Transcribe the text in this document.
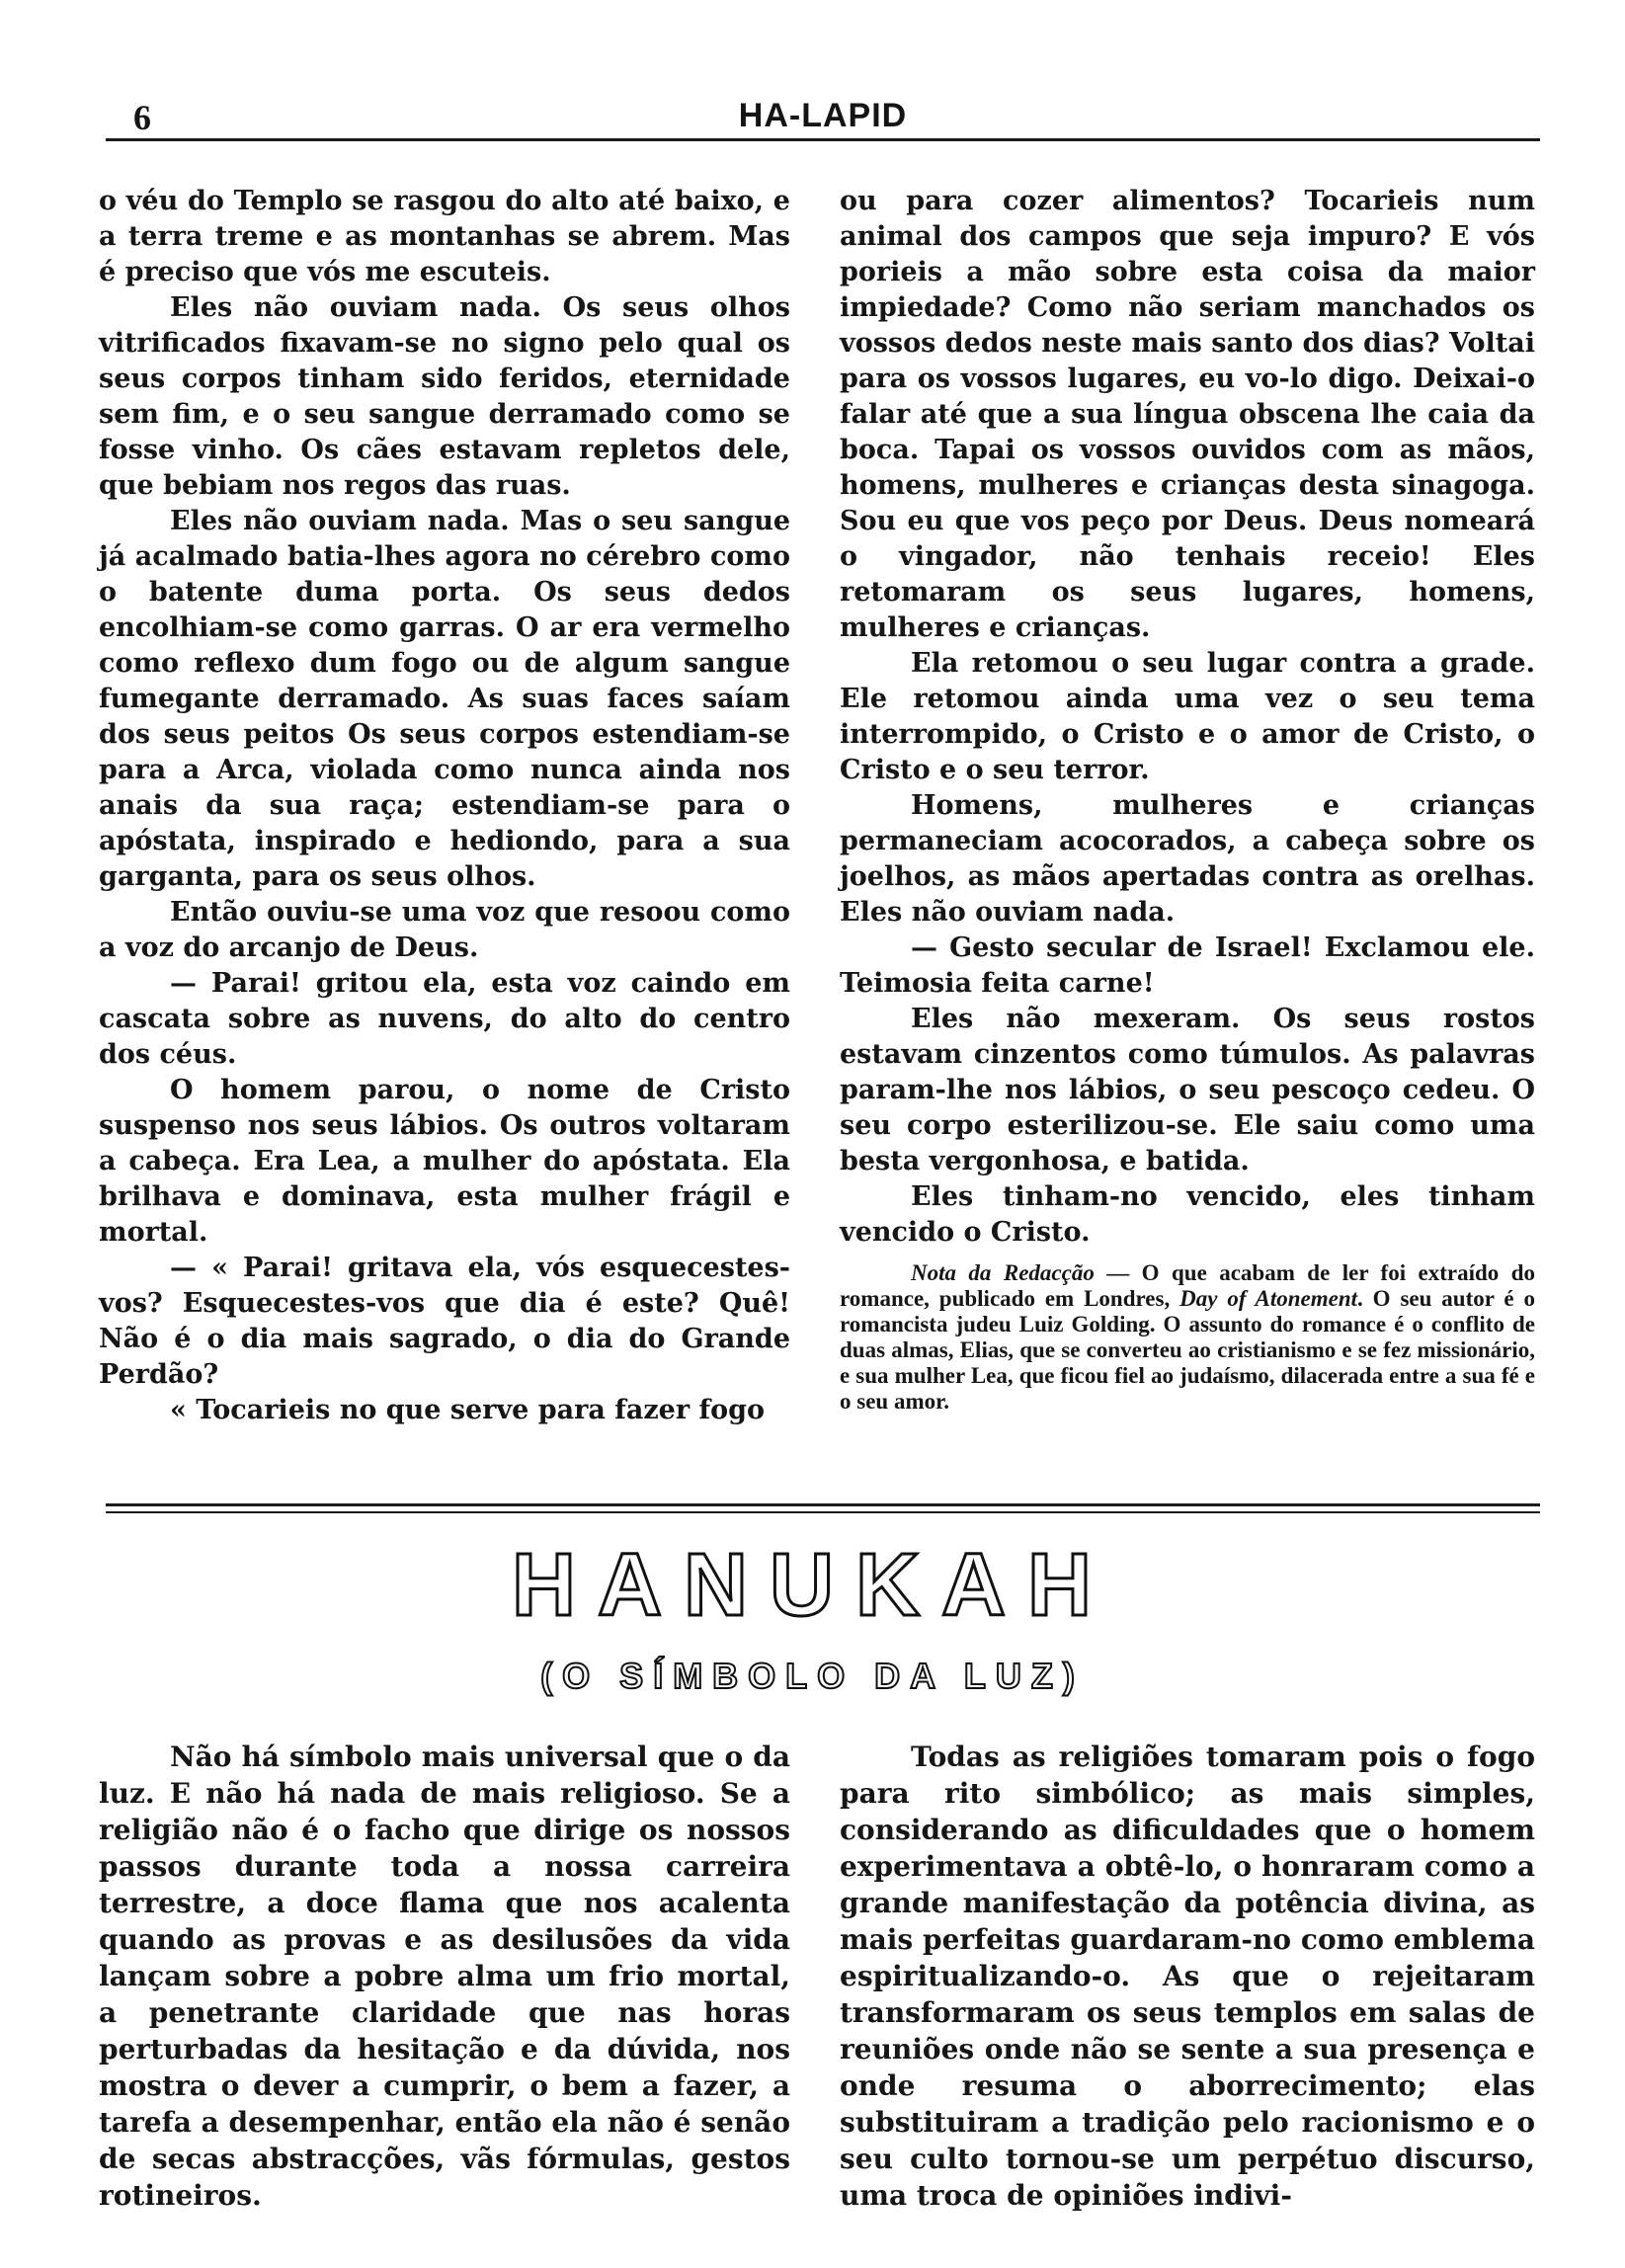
6	HA-LAPID

o véu do Templo se rasgou do alto até baixo, e a terra treme e as montanhas se abrem. Mas é preciso que vós me escuteis.

Eles não ouviam nada. Os seus olhos vitrificados fixavam-se no signo pelo qual os seus corpos tinham sido feridos, eternidade sem fim, e o seu sangue derramado como se fosse vinho. Os cães estavam repletos dele, que bebiam nos regos das ruas.

Eles não ouviam nada. Mas o seu sangue já acalmado batia-lhes agora no cérebro como o batente duma porta. Os seus dedos encolhiam-se como garras. O ar era vermelho como reflexo dum fogo ou de algum sangue fumegante derramado. As suas faces saíam dos seus peitos Os seus corpos estendiam-se para a Arca, violada como nunca ainda nos anais da sua raça; estendiam-se para o apóstata, inspirado e hediondo, para a sua garganta, para os seus olhos.

Então ouviu-se uma voz que resoou como a voz do arcanjo de Deus.

— Parai! gritou ela, esta voz caindo em cascata sobre as nuvens, do alto do centro dos céus.

O homem parou, o nome de Cristo suspenso nos seus lábios. Os outros voltaram a cabeça. Era Lea, a mulher do apóstata. Ela brilhava e dominava, esta mulher frágil e mortal.

— « Parai! gritava ela, vós esquecestes-vos? Esquecestes-vos que dia é este? Quê! Não é o dia mais sagrado, o dia do Grande Perdão?

« Tocarieis no que serve para fazer fogo

ou para cozer alimentos? Tocarieis num animal dos campos que seja impuro? E vós porieis a mão sobre esta coisa da maior impiedade? Como não seriam manchados os vossos dedos neste mais santo dos dias? Voltai para os vossos lugares, eu vo-lo digo. Deixai-o falar até que a sua língua obscena lhe caia da boca. Tapai os vossos ouvidos com as mãos, homens, mulheres e crianças desta sinagoga. Sou eu que vos peço por Deus. Deus nomeará o vingador, não tenhais receio! Eles retomaram os seus lugares, homens, mulheres e crianças.

Ela retomou o seu lugar contra a grade. Ele retomou ainda uma vez o seu tema interrompido, o Cristo e o amor de Cristo, o Cristo e o seu terror.

Homens, mulheres e crianças permaneciam acocorados, a cabeça sobre os joelhos, as mãos apertadas contra as orelhas. Eles não ouviam nada.

— Gesto secular de Israel! Exclamou ele. Teimosia feita carne!

Eles não mexeram. Os seus rostos estavam cinzentos como túmulos. As palavras param-lhe nos lábios, o seu pescoço cedeu. O seu corpo esterilizou-se. Ele saiu como uma besta vergonhosa, e batida.

Eles tinham-no vencido, eles tinham vencido o Cristo.

Nota da Redacção — O que acabam de ler foi extraído do romance, publicado em Londres, Day of Atonement. O seu autor é o romancista judeu Luiz Golding. O assunto do romance é o conflito de duas almas, Elias, que se converteu ao cristianismo e se fez missionário, e sua mulher Lea, que ficou fiel ao judaísmo, dilacerada entre a sua fé e o seu amor.

HANUKAH
(O SÍMBOLO DA LUZ)

Não há símbolo mais universal que o da luz. E não há nada de mais religioso. Se a religião não é o facho que dirige os nossos passos durante toda a nossa carreira terrestre, a doce flama que nos acalenta quando as provas e as desilusões da vida lançam sobre a pobre alma um frio mortal, a penetrante claridade que nas horas perturbadas da hesitação e da dúvida, nos mostra o dever a cumprir, o bem a fazer, a tarefa a desempenhar, então ela não é senão de secas abstracções, vãs fórmulas, gestos rotineiros.

Todas as religiões tomaram pois o fogo para rito simbólico; as mais simples, considerando as dificuldades que o homem experimentava a obtê-lo, o honraram como a grande manifestação da potência divina, as mais perfeitas guardaram-no como emblema espiritualizando-o. As que o rejeitaram transformaram os seus templos em salas de reuniões onde não se sente a sua presença e onde resuma o aborrecimento; elas substituiram a tradição pelo racionismo e o seu culto tornou-se um perpétuo discurso, uma troca de opiniões indivi-
